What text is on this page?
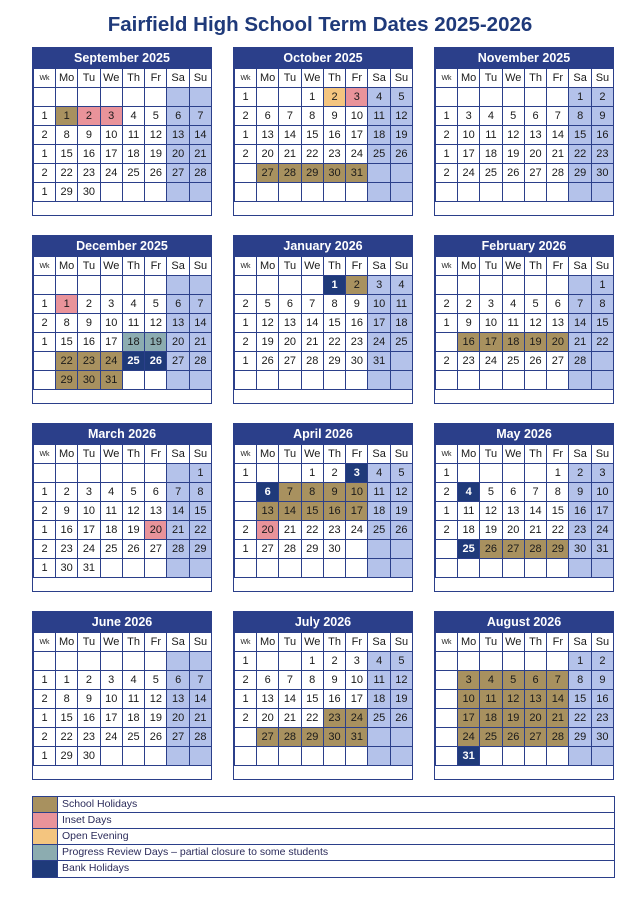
Fairfield High School Term Dates 2025-2026
September 2025
Wk	Mo	Tu	We	Th	Fr	Sa	Su

1	1	2	3	4	5	6	7
2	8	9	10	11	12	13	14
1	15	16	17	18	19	20	21
2	22	23	24	25	26	27	28
1	29	30					
October 2025
Wk	Mo	Tu	We	Th	Fr	Sa	Su
1			1	2	3	4	5
2	6	7	8	9	10	11	12
1	13	14	15	16	17	18	19
2	20	21	22	23	24	25	26
	27	28	29	30	31		

November 2025
Wk	Mo	Tu	We	Th	Fr	Sa	Su
						1	2
1	3	4	5	6	7	8	9
2	10	11	12	13	14	15	16
1	17	18	19	20	21	22	23
2	24	25	26	27	28	29	30

December 2025
Wk	Mo	Tu	We	Th	Fr	Sa	Su

1	1	2	3	4	5	6	7
2	8	9	10	11	12	13	14
1	15	16	17	18	19	20	21
	22	23	24	25	26	27	28
	29	30	31				
January 2026
Wk	Mo	Tu	We	Th	Fr	Sa	Su
				1	2	3	4
2	5	6	7	8	9	10	11
1	12	13	14	15	16	17	18
2	19	20	21	22	23	24	25
1	26	27	28	29	30	31	

February 2026
Wk	Mo	Tu	We	Th	Fr	Sa	Su
							1
2	2	3	4	5	6	7	8
1	9	10	11	12	13	14	15
	16	17	18	19	20	21	22
2	23	24	25	26	27	28	

March 2026
Wk	Mo	Tu	We	Th	Fr	Sa	Su
							1
1	2	3	4	5	6	7	8
2	9	10	11	12	13	14	15
1	16	17	18	19	20	21	22
2	23	24	25	26	27	28	29
1	30	31					
April 2026
Wk	Mo	Tu	We	Th	Fr	Sa	Su
1			1	2	3	4	5
	6	7	8	9	10	11	12
	13	14	15	16	17	18	19
2	20	21	22	23	24	25	26
1	27	28	29	30			

May 2026
Wk	Mo	Tu	We	Th	Fr	Sa	Su
1					1	2	3
2	4	5	6	7	8	9	10
1	11	12	13	14	15	16	17
2	18	19	20	21	22	23	24
	25	26	27	28	29	30	31

June 2026
Wk	Mo	Tu	We	Th	Fr	Sa	Su

1	1	2	3	4	5	6	7
2	8	9	10	11	12	13	14
1	15	16	17	18	19	20	21
2	22	23	24	25	26	27	28
1	29	30					
July 2026
Wk	Mo	Tu	We	Th	Fr	Sa	Su
1			1	2	3	4	5
2	6	7	8	9	10	11	12
1	13	14	15	16	17	18	19
2	20	21	22	23	24	25	26
	27	28	29	30	31		

August 2026
Wk	Mo	Tu	We	Th	Fr	Sa	Su
						1	2
	3	4	5	6	7	8	9
	10	11	12	13	14	15	16
	17	18	19	20	21	22	23
	24	25	26	27	28	29	30
	31						
School Holidays
Inset Days
Open Evening
Progress Review Days – partial closure to some students
Bank Holidays
